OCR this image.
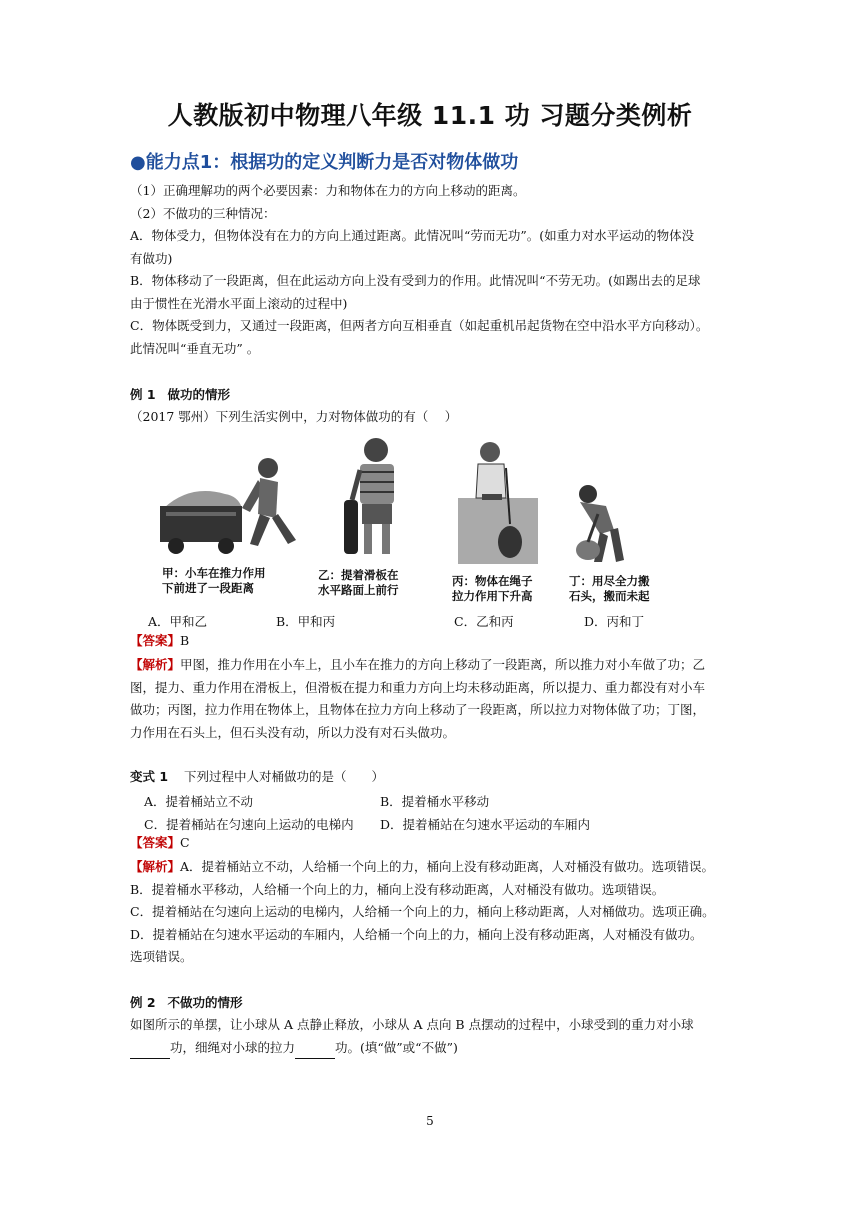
人教版初中物理八年级 11.1 功 习题分类例析
●能力点1：根据功的定义判断力是否对物体做功
（1）正确理解功的两个必要因素：力和物体在力的方向上移动的距离。
（2）不做功的三种情况：
A．物体受力，但物体没有在力的方向上通过距离。此情况叫“劳而无功”。(如重力对水平运动的物体没
有做功)
B．物体移动了一段距离，但在此运动方向上没有受到力的作用。此情况叫“不劳无功。(如踢出去的足球
由于惯性在光滑水平面上滚动的过程中)
C．物体既受到力，又通过一段距离，但两者方向互相垂直（如起重机吊起货物在空中沿水平方向移动）。
此情况叫“垂直无功” 。
例 1 做功的情形
（2017 鄂州）下列生活实例中，力对物体做功的有（　 ）
甲：小车在推力作用
下前进了一段距离
乙：提着滑板在
水平路面上前行
丙：物体在绳子
拉力作用下升高
丁：用尽全力搬
石头，搬而未起
A．甲和乙	B．甲和丙	C．乙和丙	D．丙和丁
【答案】B
【解析】甲图，推力作用在小车上，且小车在推力的方向上移动了一段距离，所以推力对小车做了功；乙
图，提力、重力作用在滑板上，但滑板在提力和重力方向上均未移动距离，所以提力、重力都没有对小车
做功；丙图，拉力作用在物体上，且物体在拉力方向上移动了一段距离，所以拉力对物体做了功；丁图，
力作用在石头上，但石头没有动，所以力没有对石头做功。
变式 1 下列过程中人对桶做功的是（　　）
A．提着桶站立不动	B．提着桶水平移动
C．提着桶站在匀速向上运动的电梯内 D．提着桶站在匀速水平运动的车厢内
【答案】C
【解析】A．提着桶站立不动，人给桶一个向上的力，桶向上没有移动距离，人对桶没有做功。选项错误。
B．提着桶水平移动，人给桶一个向上的力，桶向上没有移动距离，人对桶没有做功。选项错误。
C．提着桶站在匀速向上运动的电梯内，人给桶一个向上的力，桶向上移动距离，人对桶做功。选项正确。
D．提着桶站在匀速水平运动的车厢内，人给桶一个向上的力，桶向上没有移动距离，人对桶没有做功。
选项错误。
例 2 不做功的情形
如图所示的单摆，让小球从 A 点静止释放，小球从 A 点向 B 点摆动的过程中，小球受到的重力对小球
功，细绳对小球的拉力	功。(填“做”或“不做”)
5
